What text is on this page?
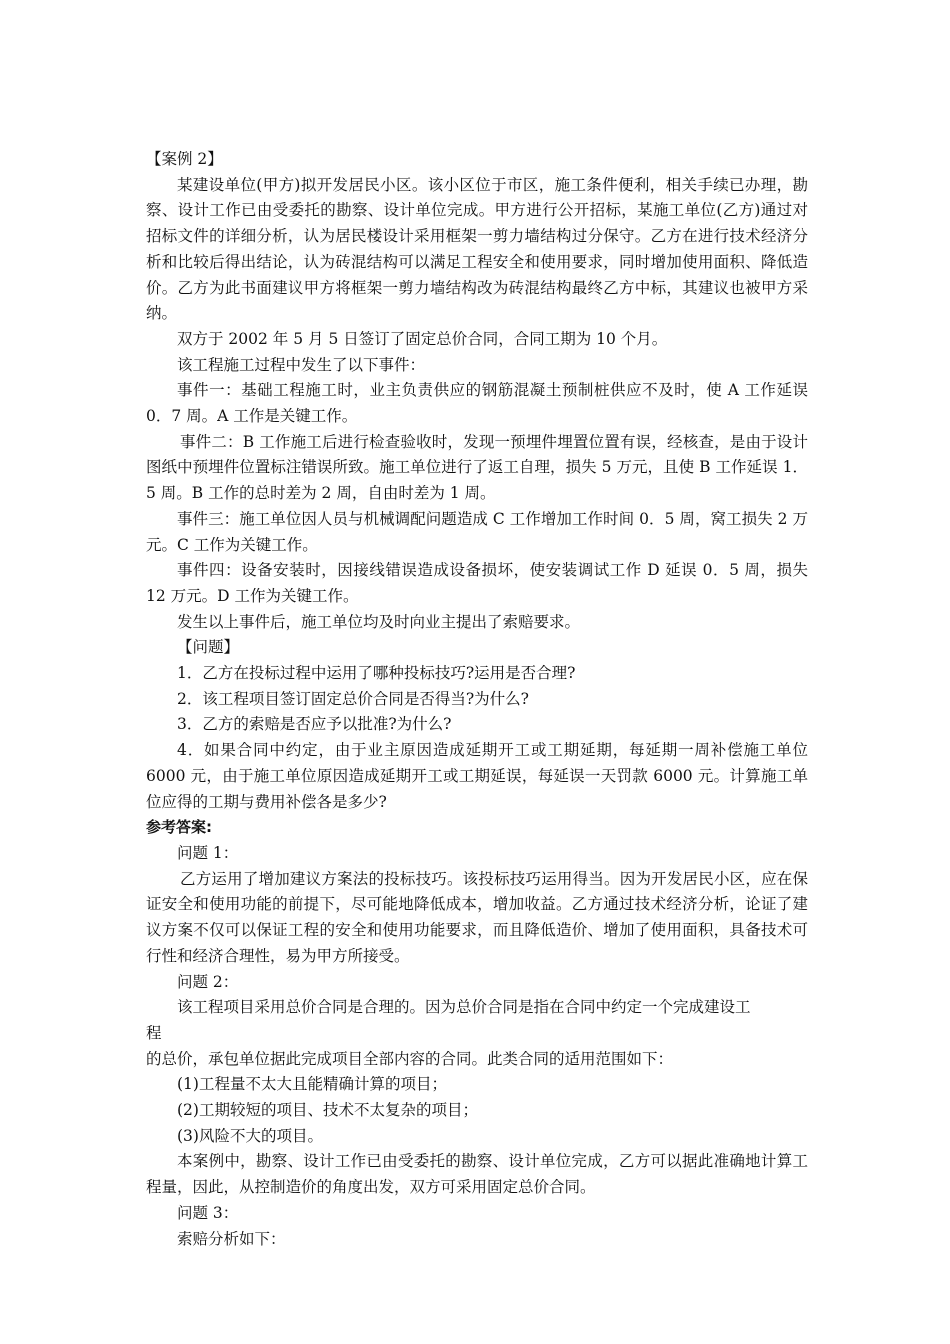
【案例 2】

某建设单位(甲方)拟开发居民小区。该小区位于市区，施工条件便利，相关手续已办理，勘察、设计工作已由受委托的勘察、设计单位完成。甲方进行公开招标，某施工单位(乙方)通过对招标文件的详细分析，认为居民楼设计采用框架一剪力墙结构过分保守。乙方在进行技术经济分析和比较后得出结论，认为砖混结构可以满足工程安全和使用要求，同时增加使用面积、降低造价。乙方为此书面建议甲方将框架一剪力墙结构改为砖混结构最终乙方中标，其建议也被甲方采纳。

双方于 2002 年 5 月 5 日签订了固定总价合同，合同工期为 10 个月。

该工程施工过程中发生了以下事件：

事件一：基础工程施工时，业主负责供应的钢筋混凝土预制桩供应不及时，使 A 工作延误 0．7 周。A 工作是关键工作。

事件二：B 工作施工后进行检查验收时，发现一预埋件埋置位置有误，经核查，是由于设计图纸中预埋件位置标注错误所致。施工单位进行了返工自理，损失 5 万元，且使 B 工作延误 1．5 周。B 工作的总时差为 2 周，自由时差为 1 周。

事件三：施工单位因人员与机械调配问题造成 C 工作增加工作时间 0．5 周，窝工损失 2 万元。C 工作为关键工作。

事件四：设备安装时，因接线错误造成设备损坏，使安装调试工作 D 延误 0．5 周，损失 12 万元。D 工作为关键工作。

发生以上事件后，施工单位均及时向业主提出了索赔要求。

【问题】

1．乙方在投标过程中运用了哪种投标技巧?运用是否合理?

2．该工程项目签订固定总价合同是否得当?为什么?

3．乙方的索赔是否应予以批准?为什么?

4．如果合同中约定，由于业主原因造成延期开工或工期延期，每延期一周补偿施工单位 6000 元，由于施工单位原因造成延期开工或工期延误，每延误一天罚款 6000 元。计算施工单位应得的工期与费用补偿各是多少?

参考答案:

问题 1：

乙方运用了增加建议方案法的投标技巧。该投标技巧运用得当。因为开发居民小区，应在保证安全和使用功能的前提下，尽可能地降低成本，增加收益。乙方通过技术经济分析，论证了建议方案不仅可以保证工程的安全和使用功能要求，而且降低造价、增加了使用面积，具备技术可行性和经济合理性，易为甲方所接受。

问题 2：

该工程项目采用总价合同是合理的。因为总价合同是指在合同中约定一个完成建设工

程

的总价，承包单位据此完成项目全部内容的合同。此类合同的适用范围如下：

(1)工程量不太大且能精确计算的项目；

(2)工期较短的项目、技术不太复杂的项目；

(3)风险不大的项目。

本案例中，勘察、设计工作已由受委托的勘察、设计单位完成，乙方可以据此准确地计算工程量，因此，从控制造价的角度出发，双方可采用固定总价合同。

问题 3：

索赔分析如下：
